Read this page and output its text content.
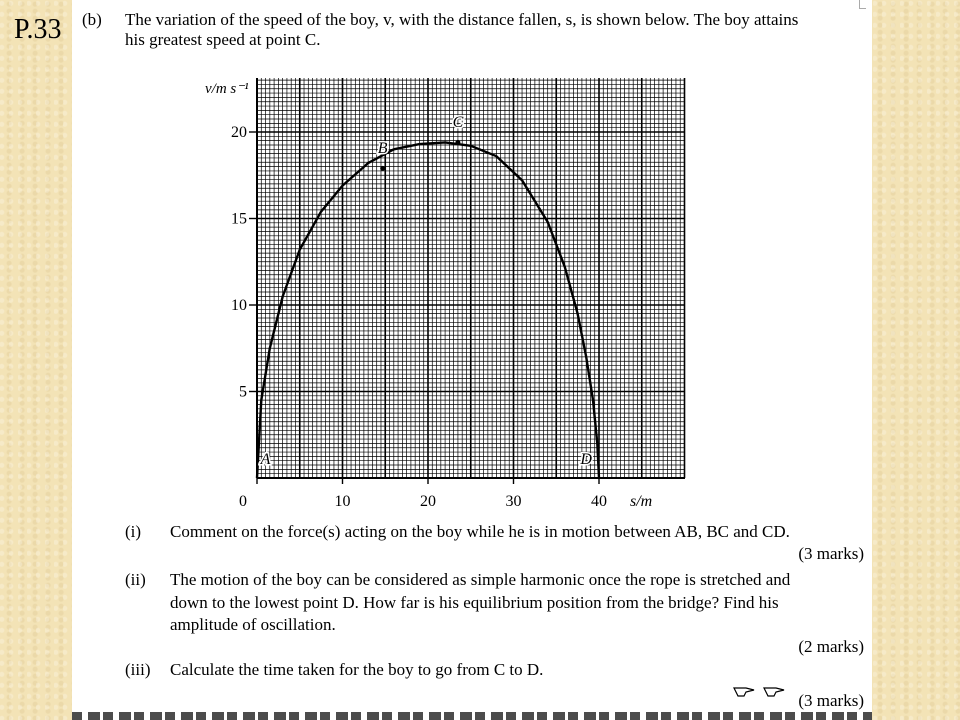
P.33 (b) The variation of the speed of the boy, v, with the distance fallen, s, is shown below. The boy attains
his greatest speed at point C.
5
10
15
20
0	10	20	30	40
v/m s⁻¹
s/m
A
B
C
D
(i) Comment on the force(s) acting on the boy while he is in motion between AB, BC and CD.
(3 marks)
(ii) The motion of the boy can be considered as simple harmonic once the rope is stretched and
down to the lowest point D. How far is his equilibrium position from the bridge? Find his
amplitude of oscillation.
(2 marks)
(iii) Calculate the time taken for the boy to go from C to D.
(3 marks)
